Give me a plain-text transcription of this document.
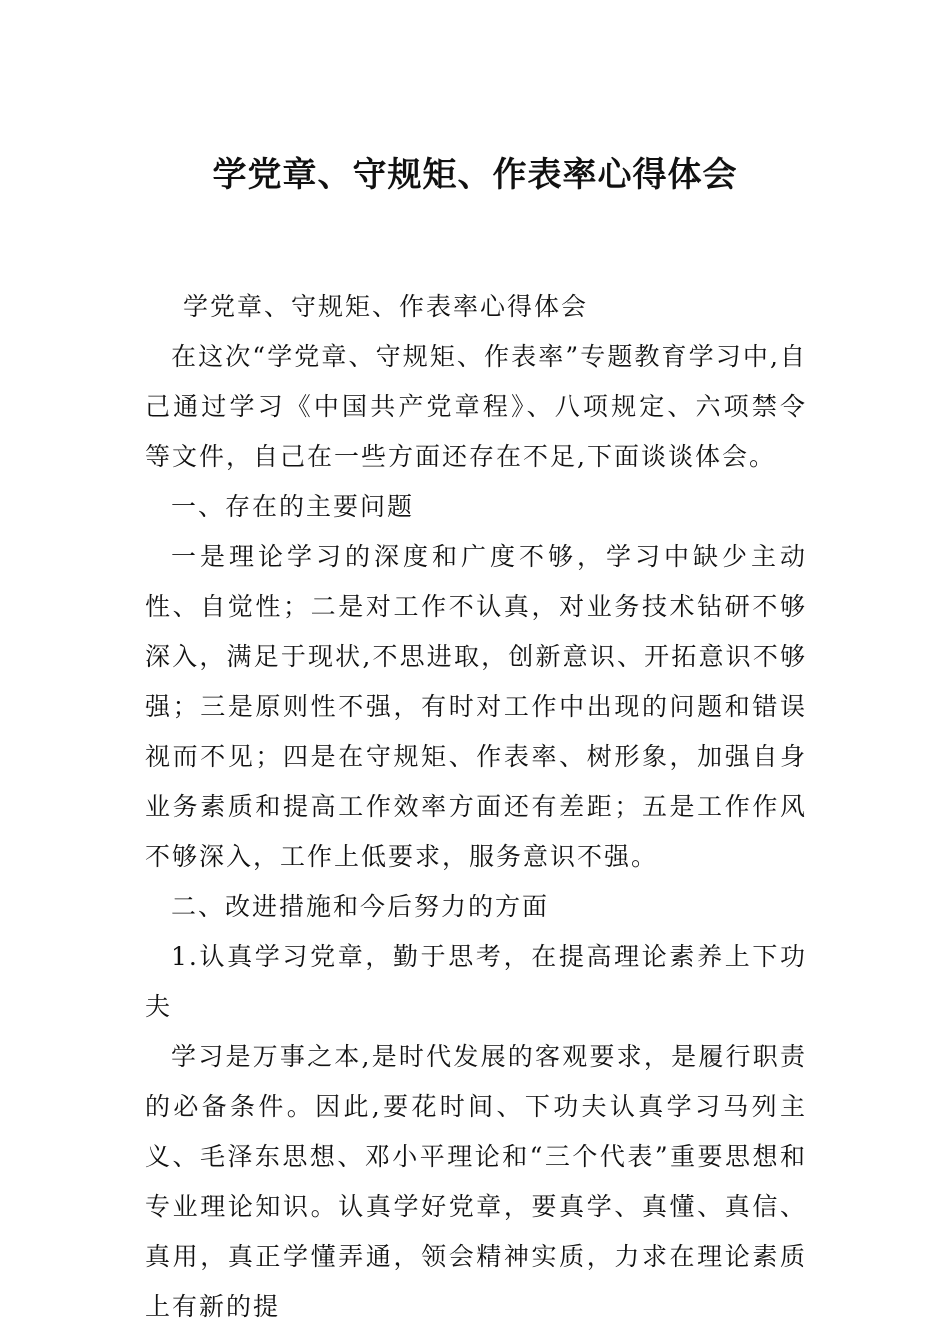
学党章、守规矩、作表率心得体会

学党章、守规矩、作表率心得体会

在这次“学党章、守规矩、作表率”专题教育学习中,自己通过学习《中国共产党章程》、八项规定、六项禁令等文件，自己在一些方面还存在不足,下面谈谈体会。

一、存在的主要问题

一是理论学习的深度和广度不够，学习中缺少主动性、自觉性；二是对工作不认真，对业务技术钻研不够深入，满足于现状,不思进取，创新意识、开拓意识不够强；三是原则性不强，有时对工作中出现的问题和错误视而不见；四是在守规矩、作表率、树形象，加强自身业务素质和提高工作效率方面还有差距；五是工作作风不够深入，工作上低要求，服务意识不强。

二、改进措施和今后努力的方面

1.认真学习党章，勤于思考，在提高理论素养上下功夫

学习是万事之本,是时代发展的客观要求，是履行职责的必备条件。因此,要花时间、下功夫认真学习马列主义、毛泽东思想、邓小平理论和“三个代表”重要思想和专业理论知识。认真学好党章，要真学、真懂、真信、真用，真正学懂弄通，领会精神实质，力求在理论素质上有新的提
